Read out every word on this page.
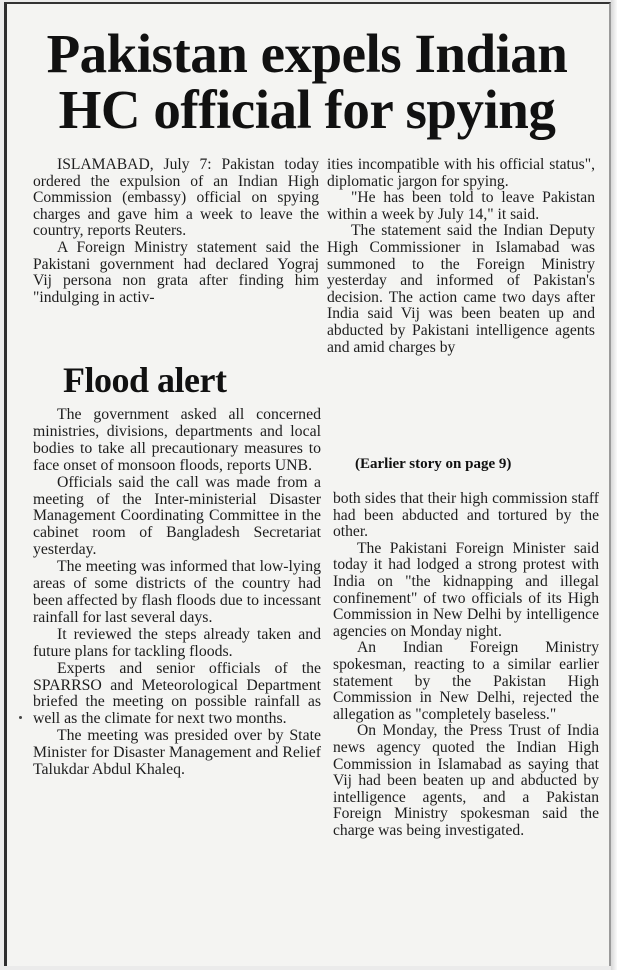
Pakistan expels Indian
HC official for spying

ISLAMABAD, July 7: Pakistan today ordered the expulsion of an Indian High Commission (embassy) official on spying charges and gave him a week to leave the country, reports Reuters.

A Foreign Ministry statement said the Pakistani government had declared Yograj Vij persona non grata after finding him "indulging in activ-

ities incompatible with his official status", diplomatic jargon for spying.

"He has been told to leave Pakistan within a week by July 14," it said.

The statement said the Indian Deputy High Commissioner in Islamabad was summoned to the Foreign Ministry yesterday and informed of Pakistan's decision. The action came two days after India said Vij was been beaten up and abducted by Pakistani intelligence agents and amid charges by

Flood alert

The government asked all concerned ministries, divisions, departments and local bodies to take all precautionary measures to face onset of monsoon floods, reports UNB.

Officials said the call was made from a meeting of the Inter-ministerial Disaster Management Coordinating Committee in the cabinet room of Bangladesh Secretariat yesterday.

The meeting was informed that low-lying areas of some districts of the country had been affected by flash floods due to incessant rainfall for last several days.

It reviewed the steps already taken and future plans for tackling floods.

Experts and senior officials of the SPARRSO and Meteorological Department briefed the meeting on possible rainfall as well as the climate for next two months.

The meeting was presided over by State Minister for Disaster Management and Relief Talukdar Abdul Khaleq.

(Earlier story on page 9)

both sides that their high commission staff had been abducted and tortured by the other.

The Pakistani Foreign Minister said today it had lodged a strong protest with India on "the kidnapping and illegal confinement" of two officials of its High Commission in New Delhi by intelligence agencies on Monday night.

An Indian Foreign Ministry spokesman, reacting to a similar earlier statement by the Pakistan High Commission in New Delhi, rejected the allegation as "completely baseless."

On Monday, the Press Trust of India news agency quoted the Indian High Commission in Islamabad as saying that Vij had been beaten up and abducted by intelligence agents, and a Pakistan Foreign Ministry spokesman said the charge was being investigated.
